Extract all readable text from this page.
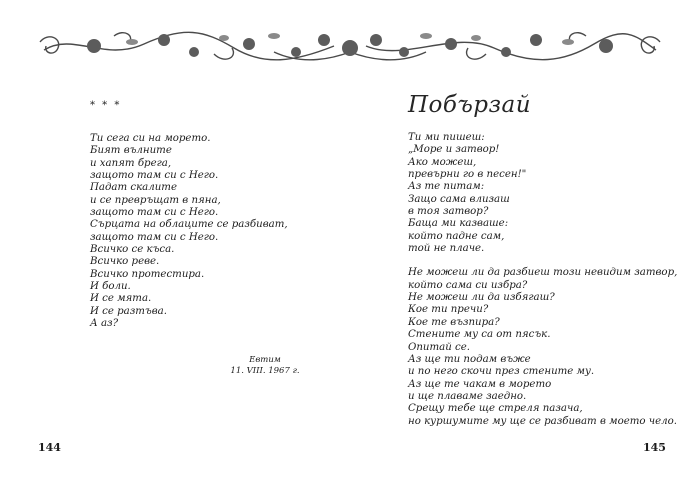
* * *

Ти сега си на морето.
Бият вълните
и хапят брега,
защото там си с Него.
Падат скалите
и се превръщат в пяна,
защото там си с Него.
Сърцата на облаците се разбиват,
защото там си с Него.
Всичко се къса.
Всичко реве.
Всичко протестира.
И боли.
И се мята.
И се разтъва.
А аз?
Евтим
11. VIII. 1967 г.

Побързай

Ти ми пишеш:
„Море и затвор!
Ако можеш,
превърни го в песен!"
Аз те питам:
Защо сама влизаш
в тоя затвор?
Баща ми казваше:
който падне сам,
той не плаче.
Не можеш ли да разбиеш този невидим затвор,
който сама си избра?
Не можеш ли да избягаш?
Кое ти пречи?
Кое те възпира?
Стените му са от пясък.
Опитай се.
Аз ще ти подам въже
и по него скочи през стените му.
Аз ще те чакам в морето
и ще плаваме заедно.
Срещу тебе ще стреля пазача,
но куршумите му ще се разбиват в моето чело.
144	145
